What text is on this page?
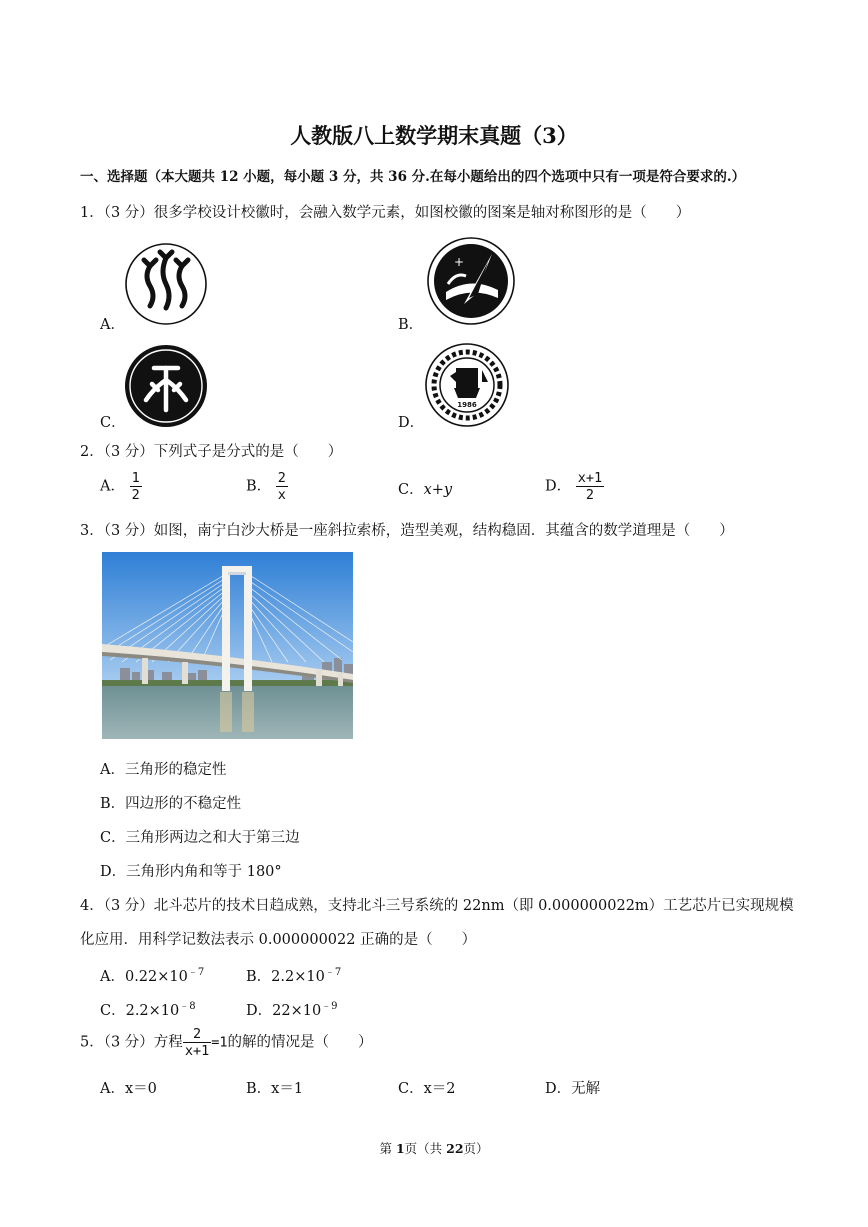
人教版八上数学期末真题（3）
一、选择题（本大题共 12 小题，每小题 3 分，共 36 分.在每小题给出的四个选项中只有一项是符合要求的.）
1．（3 分）很多学校设计校徽时，会融入数学元素，如图校徽的图案是轴对称图形的是（　　）
A．	B．
+
C．	D．
1986
2．（3 分）下列式子是分式的是（　　）
A． $\frac{1}{2}$	B． $\frac{2}{x}$	C．x+y	D． $\frac{x+1}{2}$
3．（3 分）如图，南宁白沙大桥是一座斜拉索桥，造型美观，结构稳固．其蕴含的数学道理是（　　）
A．三角形的稳定性
B．四边形的不稳定性
C．三角形两边之和大于第三边
D．三角形内角和等于 180°
4．（3 分）北斗芯片的技术日趋成熟，支持北斗三号系统的 22nm（即 0.000000022m）工艺芯片已实现规模
化应用．用科学记数法表示 0.000000022 正确的是（　　）
A．$0.22\times 10^{﹣7}$	B．$2.2\times 10^{﹣7}$
C．$2.2\times 10^{﹣8}$	D．$22\times 10^{﹣9}$
5．（3 分）方程 $\frac{2}{x+1} =1$的解的情况是（　　）
A．x＝0	B．x＝1	C．x＝2	D．无解
第 1页（共 22页）
